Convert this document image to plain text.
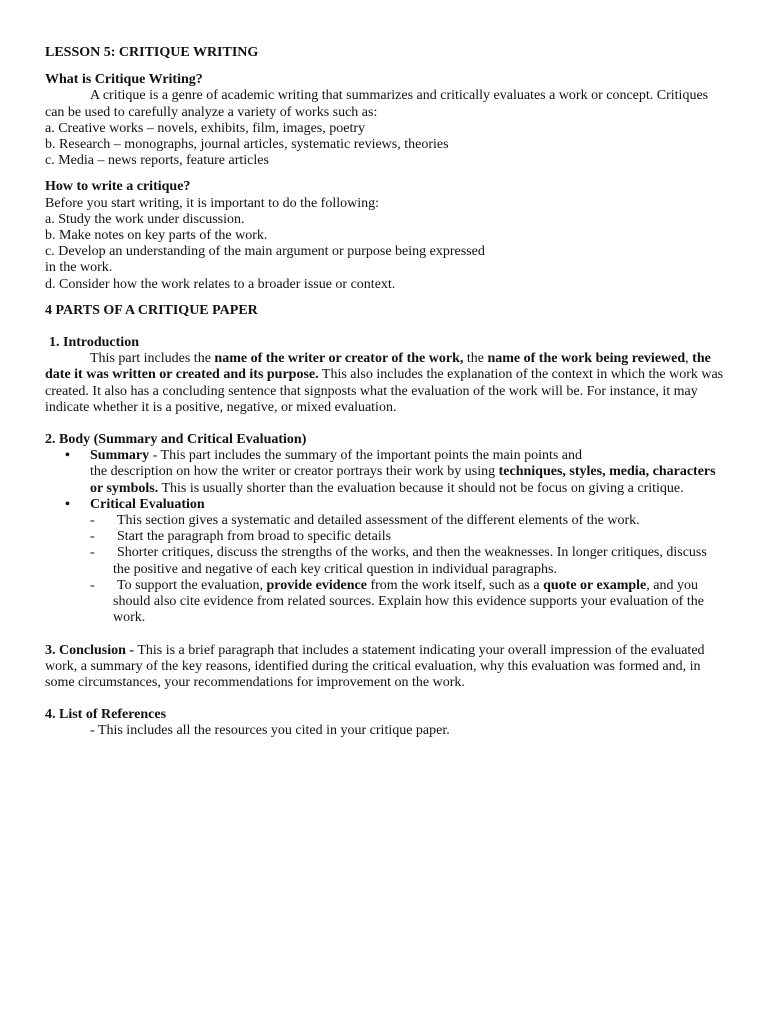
LESSON 5: CRITIQUE WRITING

What is Critique Writing?

A critique is a genre of academic writing that summarizes and critically evaluates a work or concept. Critiques can be used to carefully analyze a variety of works such as:

a. Creative works – novels, exhibits, film, images, poetry

b. Research – monographs, journal articles, systematic reviews, theories

c. Media – news reports, feature articles

How to write a critique?

Before you start writing, it is important to do the following:

a. Study the work under discussion.

b. Make notes on key parts of the work.

c. Develop an understanding of the main argument or purpose being expressed

in the work.

d. Consider how the work relates to a broader issue or context.

4 PARTS OF A CRITIQUE PAPER

1. Introduction

This part includes the name of the writer or creator of the work, the name of the work being reviewed, the date it was written or created and its purpose. This also includes the explanation of the context in which the work was created. It also has a concluding sentence that signposts what the evaluation of the work will be. For instance, it may indicate whether it is a positive, negative, or mixed evaluation.

2. Body (Summary and Critical Evaluation)

• Summary - This part includes the summary of the important points the main points and
the description on how the writer or creator portrays their work by using techniques, styles, media, characters or symbols. This is usually shorter than the evaluation because it should not be focus on giving a critique.
• Critical Evaluation
- This section gives a systematic and detailed assessment of the different elements of the work.
- Start the paragraph from broad to specific details
- Shorter critiques, discuss the strengths of the works, and then the weaknesses. In longer critiques, discuss the positive and negative of each key critical question in individual paragraphs.
- To support the evaluation, provide evidence from the work itself, such as a quote or example, and you should also cite evidence from related sources. Explain how this evidence supports your evaluation of the work.

3. Conclusion - This is a brief paragraph that includes a statement indicating your overall impression of the evaluated work, a summary of the key reasons, identified during the critical evaluation, why this evaluation was formed and, in some circumstances, your recommendations for improvement on the work.

4. List of References

- This includes all the resources you cited in your critique paper.
